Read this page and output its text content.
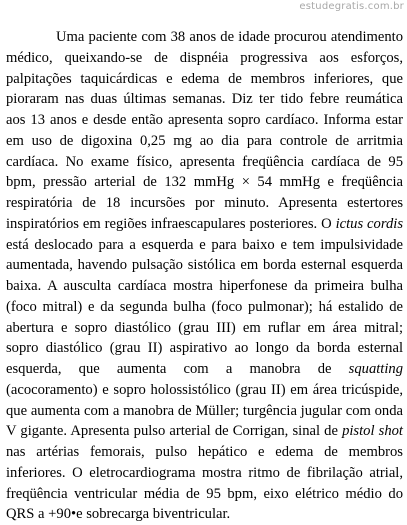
estudegratis.com.br

Uma paciente com 38 anos de idade procurou atendimento médico, queixando-se de dispnéia progressiva aos esforços, palpitações taquicárdicas e edema de membros inferiores, que pioraram nas duas últimas semanas. Diz ter tido febre reumática aos 13 anos e desde então apresenta sopro cardíaco. Informa estar em uso de digoxina 0,25 mg ao dia para controle de arritmia cardíaca. No exame físico, apresenta freqüência cardíaca de 95 bpm, pressão arterial de 132 mmHg × 54 mmHg e freqüência respiratória de 18 incursões por minuto. Apresenta estertores inspiratórios em regiões infraescapulares posteriores. O ictus cordis está deslocado para a esquerda e para baixo e tem impulsividade aumentada, havendo pulsação sistólica em borda esternal esquerda baixa. A ausculta cardíaca mostra hiperfonese da primeira bulha (foco mitral) e da segunda bulha (foco pulmonar); há estalido de abertura e sopro diastólico (grau III) em ruflar em área mitral; sopro diastólico (grau II) aspirativo ao longo da borda esternal esquerda, que aumenta com a manobra de squatting (acocoramento) e sopro holossistólico (grau II) em área tricúspide, que aumenta com a manobra de Müller; turgência jugular com onda V gigante. Apresenta pulso arterial de Corrigan, sinal de pistol shot nas artérias femorais, pulso hepático e edema de membros inferiores. O eletrocardiograma mostra ritmo de fibrilação atrial, freqüência ventricular média de 95 bpm, eixo elétrico médio do QRS a +90•e sobrecarga biventricular.
